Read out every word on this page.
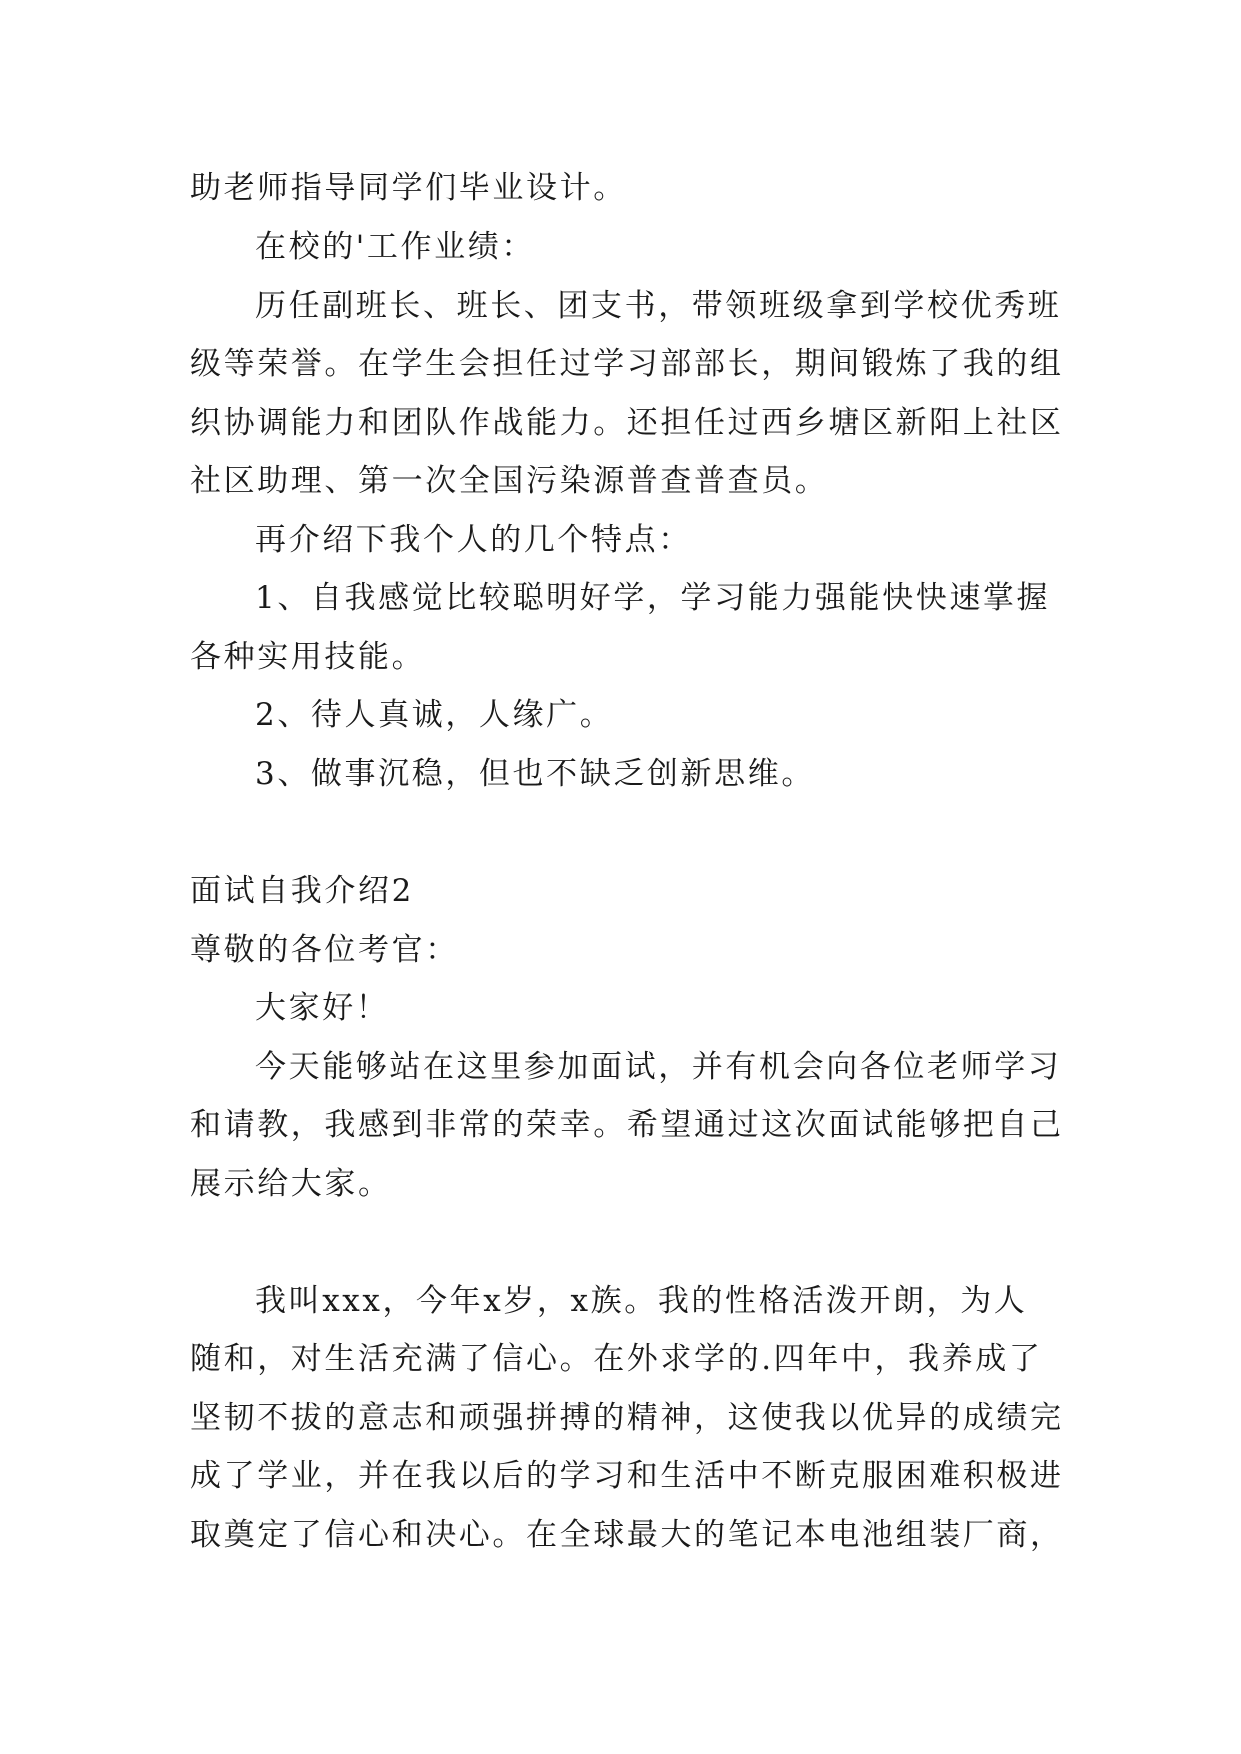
助老师指导同学们毕业设计。
在校的'工作业绩：
历任副班长、班长、团支书，带领班级拿到学校优秀班
级等荣誉。在学生会担任过学习部部长，期间锻炼了我的组
织协调能力和团队作战能力。还担任过西乡塘区新阳上社区
社区助理、第一次全国污染源普查普查员。
再介绍下我个人的几个特点：
1、自我感觉比较聪明好学，学习能力强能快快速掌握
各种实用技能。
2、待人真诚，人缘广。
3、做事沉稳，但也不缺乏创新思维。
面试自我介绍2
尊敬的各位考官：
大家好！
今天能够站在这里参加面试，并有机会向各位老师学习
和请教，我感到非常的荣幸。希望通过这次面试能够把自己
展示给大家。
我叫xxx，今年x岁，x族。我的性格活泼开朗，为人
随和，对生活充满了信心。在外求学的.四年中，我养成了
坚韧不拔的意志和顽强拼搏的精神，这使我以优异的成绩完
成了学业，并在我以后的学习和生活中不断克服困难积极进
取奠定了信心和决心。在全球最大的笔记本电池组装厂商，
